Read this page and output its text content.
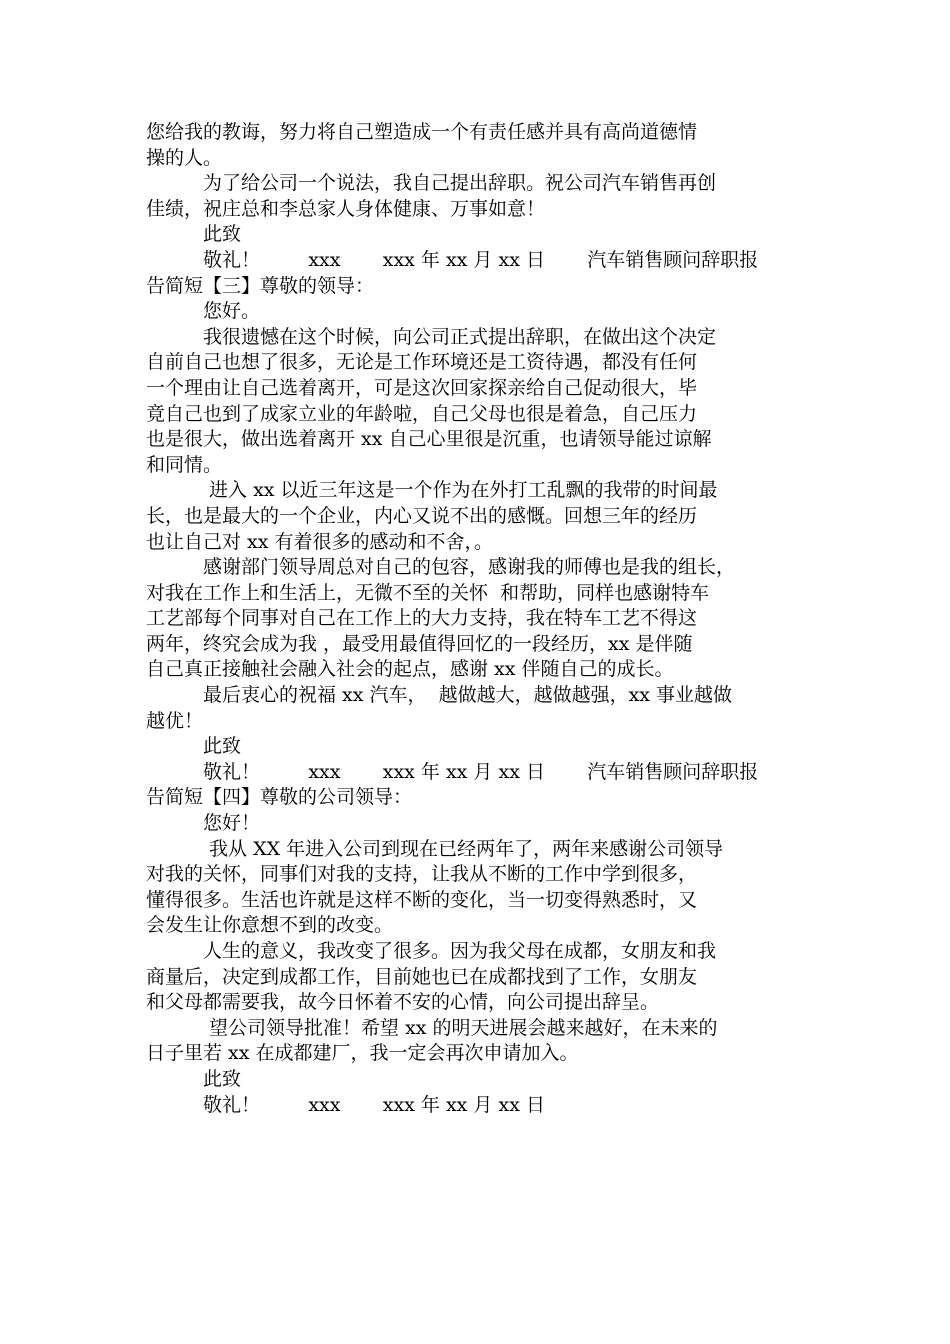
您给我的教诲，努力将自己塑造成一个有责任感并具有高尚道德情
操的人。
为了给公司一个说法，我自己提出辞职。祝公司汽车销售再创
佳绩，祝庄总和李总家人身体健康、万事如意！
此致
敬礼！        xxx       xxx 年 xx 月 xx 日       汽车销售顾问辞职报
告简短【三】尊敬的领导：
您好。
我很遗憾在这个时候，向公司正式提出辞职，在做出这个决定
自前自己也想了很多，无论是工作环境还是工资待遇，都没有任何
一个理由让自己选着离开，可是这次回家探亲给自己促动很大，毕
竟自己也到了成家立业的年龄啦，自己父母也很是着急，自己压力
也是很大，做出选着离开 xx 自己心里很是沉重，也请领导能过谅解
和同情。
进入 xx 以近三年这是一个作为在外打工乱飘的我带的时间最
长，也是最大的一个企业，内心又说不出的感慨。回想三年的经历
也让自己对 xx 有着很多的感动和不舍，。
感谢部门领导周总对自己的包容，感谢我的师傅也是我的组长，
对我在工作上和生活上，无微不至的关怀  和帮助，同样也感谢特车
工艺部每个同事对自己在工作上的大力支持，我在特车工艺不得这
两年，终究会成为我 ，最受用最值得回忆的一段经历，xx 是伴随
自己真正接触社会融入社会的起点，感谢 xx 伴随自己的成长。
最后衷心的祝福 xx 汽车，  越做越大，越做越强，xx 事业越做
越优！
此致
敬礼！        xxx       xxx 年 xx 月 xx 日       汽车销售顾问辞职报
告简短【四】尊敬的公司领导：
您好！
我从 XX 年进入公司到现在已经两年了，两年来感谢公司领导
对我的关怀，同事们对我的支持，让我从不断的工作中学到很多，
懂得很多。生活也许就是这样不断的变化，当一切变得熟悉时，又
会发生让你意想不到的改变。
人生的意义，我改变了很多。因为我父母在成都，女朋友和我
商量后，决定到成都工作，目前她也已在成都找到了工作，女朋友
和父母都需要我，故今日怀着不安的心情，向公司提出辞呈。
望公司领导批准！希望 xx 的明天进展会越来越好，在未来的
日子里若 xx 在成都建厂，我一定会再次申请加入。
此致
敬礼！        xxx       xxx 年 xx 月 xx 日
